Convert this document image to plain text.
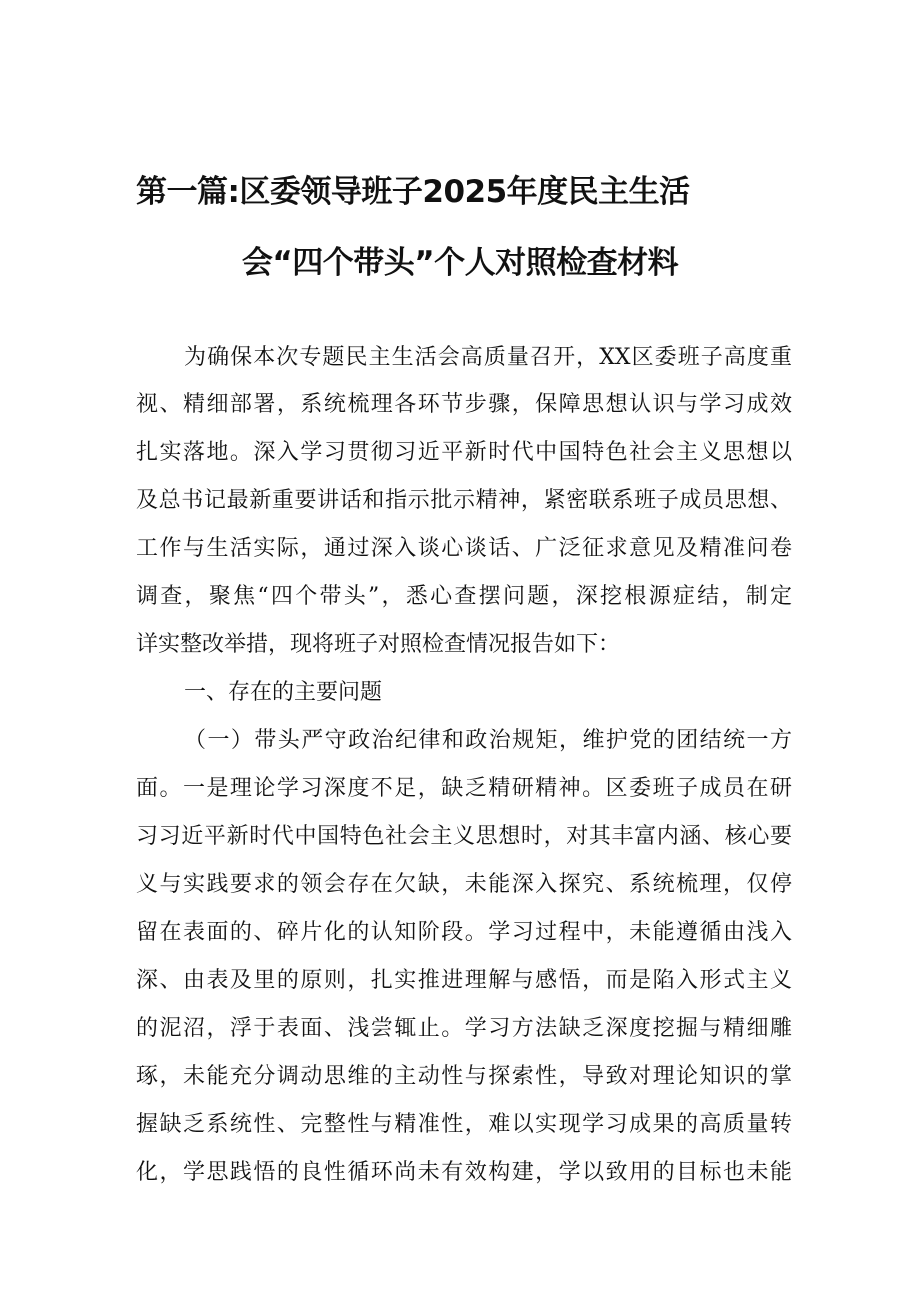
第一篇:区委领导班子2025年度民主生活
会“四个带头”个人对照检查材料
为确保本次专题民主生活会高质量召开，XX区委班子高度重
视、精细部署，系统梳理各环节步骤，保障思想认识与学习成效
扎实落地。深入学习贯彻习近平新时代中国特色社会主义思想以
及总书记最新重要讲话和指示批示精神，紧密联系班子成员思想、
工作与生活实际，通过深入谈心谈话、广泛征求意见及精准问卷
调查，聚焦“四个带头”，悉心查摆问题，深挖根源症结，制定
详实整改举措，现将班子对照检查情况报告如下：
一、存在的主要问题
（一）带头严守政治纪律和政治规矩，维护党的团结统一方
面。一是理论学习深度不足，缺乏精研精神。区委班子成员在研
习习近平新时代中国特色社会主义思想时，对其丰富内涵、核心要
义与实践要求的领会存在欠缺，未能深入探究、系统梳理，仅停
留在表面的、碎片化的认知阶段。学习过程中，未能遵循由浅入
深、由表及里的原则，扎实推进理解与感悟，而是陷入形式主义
的泥沼，浮于表面、浅尝辄止。学习方法缺乏深度挖掘与精细雕
琢，未能充分调动思维的主动性与探索性，导致对理论知识的掌
握缺乏系统性、完整性与精准性，难以实现学习成果的高质量转
化，学思践悟的良性循环尚未有效构建，学以致用的目标也未能
